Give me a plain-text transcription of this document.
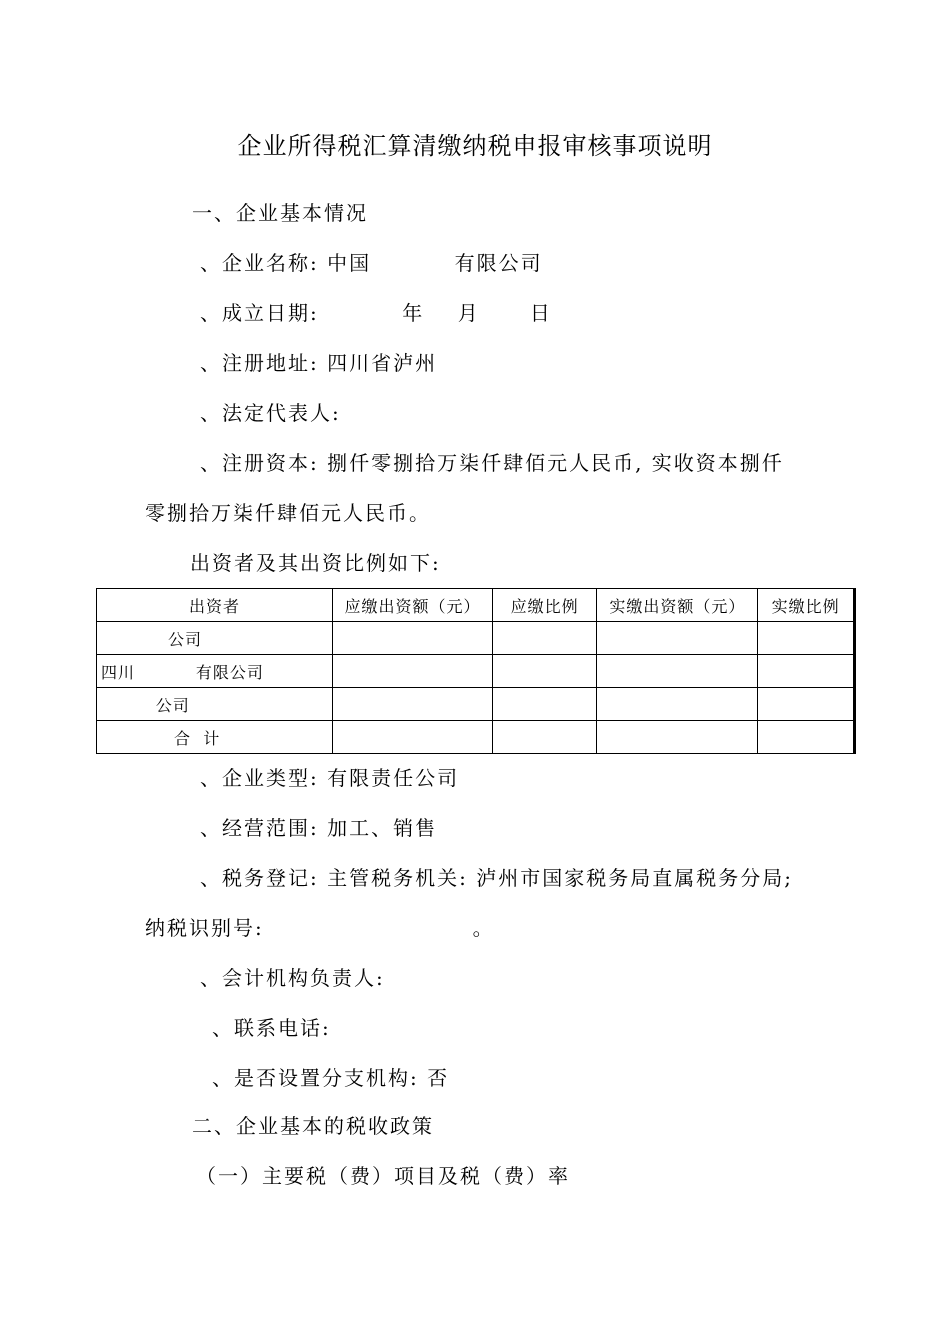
企业所得税汇算清缴纳税申报审核事项说明
一、企业基本情况
、企业名称: 中国          有限公司
、成立日期:          年    月      日
、注册地址: 四川省泸州
、法定代表人:
、注册资本: 捌仟零捌拾万柒仟肆佰元人民币, 实收资本捌仟
零捌拾万柒仟肆佰元人民币。
出资者及其出资比例如下:
出资者	应缴出资额（元）	应缴比例	实缴出资额（元）	实缴比例
公司				
四川          有限公司				
公司				
合  计				
、企业类型: 有限责任公司
、经营范围: 加工、销售
、税务登记: 主管税务机关: 泸州市国家税务局直属税务分局;
纳税识别号:                         。
、会计机构负责人:
、联系电话:
、是否设置分支机构: 否
二、企业基本的税收政策
（一）主要税（费）项目及税（费）率
